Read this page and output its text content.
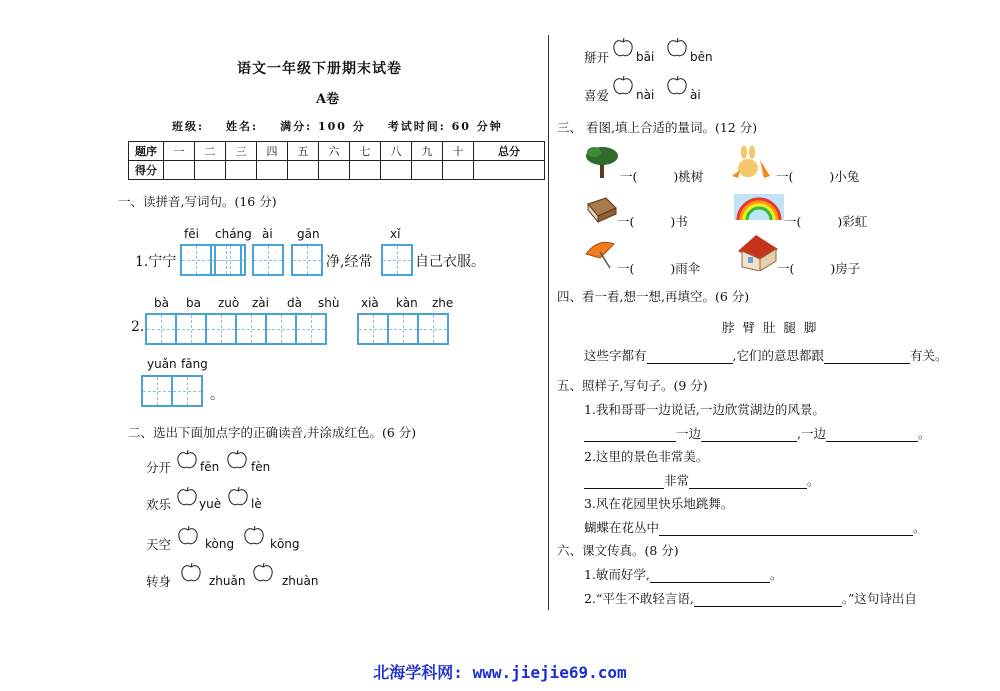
语文一年级下册期末试卷
A卷
班级: 姓名: 满分: 100 分 考试时间: 60 分钟
题序	一	二	三	四	五	六	七	八	九	十	总分
得分											
一、读拼音,写词句。(16 分)
fēi cháng ài gān	xǐ
1.宁宁	净,经常	自己衣服。
bà ba zuò zài dà shù xià kàn zhe
2.
yuǎn fāng
。
二、选出下面加点字的正确读音,并涂成红色。(6 分)
分开 fēn	fèn
欢乐 yuè lè
天空	kòng	kōng
转身	zhuǎn	zhuàn
掰开 bāi	bēn
喜爱 nài	ài
三、 看图,填上合适的量词。(12 分)
一(	)桃树	一(	)小兔
一(	)书	一(	)彩虹
一(	)雨伞	一(	)房子
四、看一看,想一想,再填空。(6 分)
脖 臂 肚 腿 脚
这些字都有	,它们的意思都跟	有关。
五、照样子,写句子。(9 分)
1.我和哥哥一边说话,一边欣赏湖边的风景。
一边	,一边	。
2.这里的景色非常美。
非常	。
3.风在花园里快乐地跳舞。
蝴蝶在花丛中	。
六、课文传真。(8 分)
1.敏而好学,	。
2.“平生不敢轻言语,	。”这句诗出自
北海学科网: www.jiejie69.com
